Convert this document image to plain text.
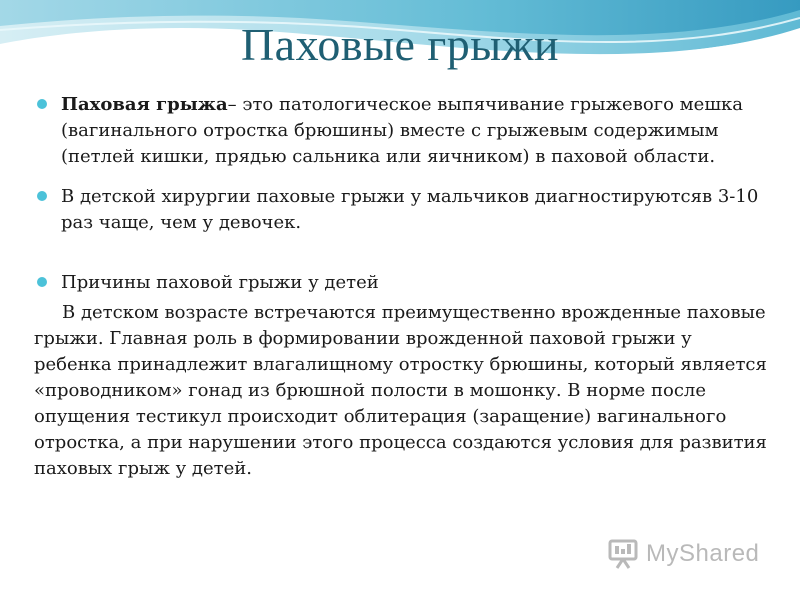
Паховые грыжи
Паховая грыжа– это патологическое выпячивание грыжевого мешка (вагинального отростка брюшины) вместе с грыжевым содержимым (петлей кишки, прядью сальника или яичником) в паховой области.
В детской хирургии паховые грыжи у мальчиков диагностируютсяв 3-10 раз чаще, чем у девочек.
Причины паховой грыжи у детей

В детском возрасте встречаются преимущественно врожденные паховые грыжи. Главная роль в формировании врожденной паховой грыжи у ребенка принадлежит влагалищному отростку брюшины, который является «проводником» гонад из брюшной полости в мошонку. В норме после опущения тестикул происходит облитерация (заращение) вагинального отростка, а при нарушении этого процесса создаются условия для развития паховых грыж у детей.

MyShared
